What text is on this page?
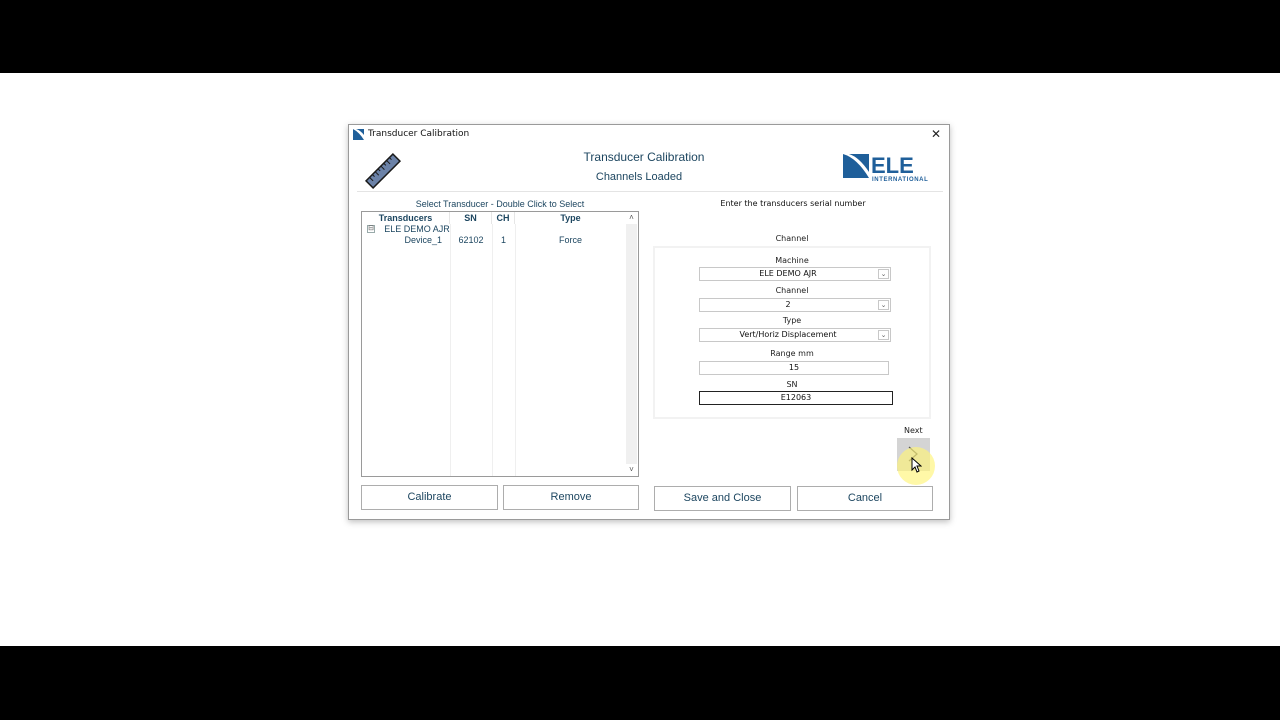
Transducer Calibration	✕
Transducer Calibration
Channels Loaded	ELE
INTERNATIONAL
Select Transducer - Double Click to Select
Transducers	SN	CH	Type
⊟ ELE DEMO AJR
Device_1	62102	1	Force
˄
˅
Enter the transducers serial number
Channel
Machine
ELE DEMO AJR	⌄
Channel
2	⌄
Type
Vert/Horiz Displacement	⌄
Range mm
15
SN
E12063
Next
Calibrate	Remove	Save and Close	Cancel
